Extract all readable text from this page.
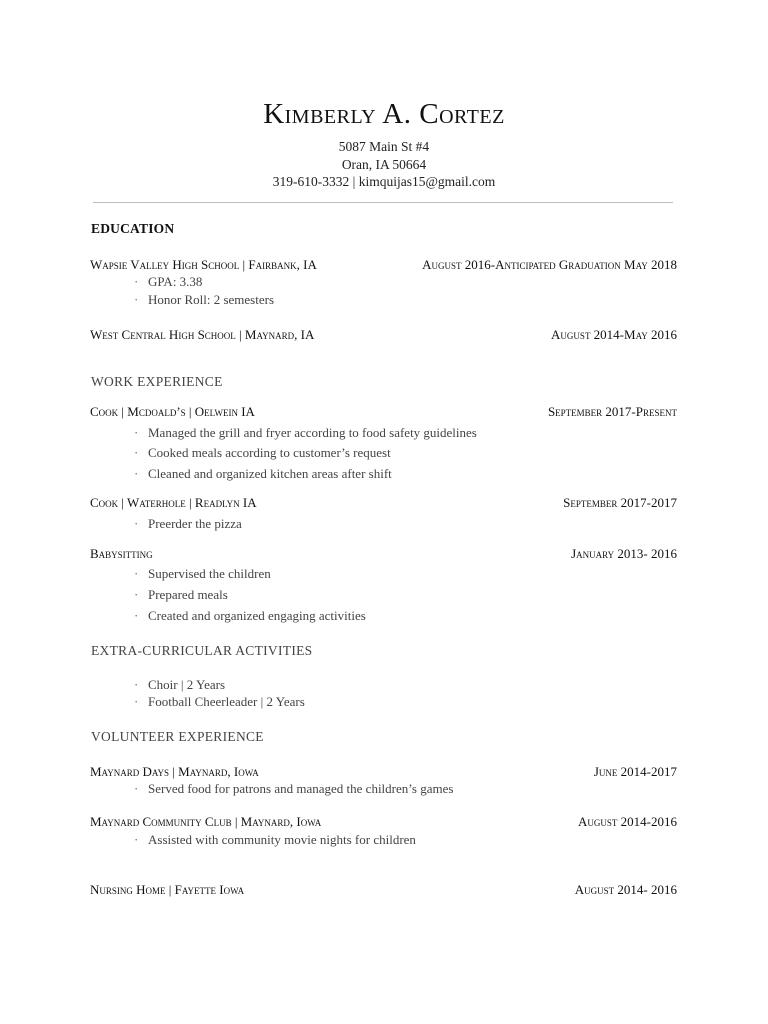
Kimberly A. Cortez
5087 Main St #4
Oran, IA 50664
319-610-3332 | kimquijas15@gmail.com
EDUCATION
Wapsie Valley High School | Fairbank, IA	August 2016-Anticipated Graduation May 2018
· GPA: 3.38
· Honor Roll: 2 semesters
West Central High School | Maynard, IA	August 2014-May 2016
WORK EXPERIENCE
Cook | Mcdoald’s | Oelwein IA	September 2017-Present
· Managed the grill and fryer according to food safety guidelines
· Cooked meals according to customer’s request
· Cleaned and organized kitchen areas after shift
Cook | Waterhole | Readlyn IA	September 2017-2017
· Preerder the pizza
Babysitting	January 2013- 2016
· Supervised the children
· Prepared meals
· Created and organized engaging activities
EXTRA-CURRICULAR ACTIVITIES
· Choir | 2 Years
· Football Cheerleader | 2 Years
VOLUNTEER EXPERIENCE
Maynard Days | Maynard, Iowa	June 2014-2017
· Served food for patrons and managed the children’s games
Maynard Community Club | Maynard, Iowa	August 2014-2016
· Assisted with community movie nights for children
Nursing Home | Fayette Iowa	August 2014- 2016
